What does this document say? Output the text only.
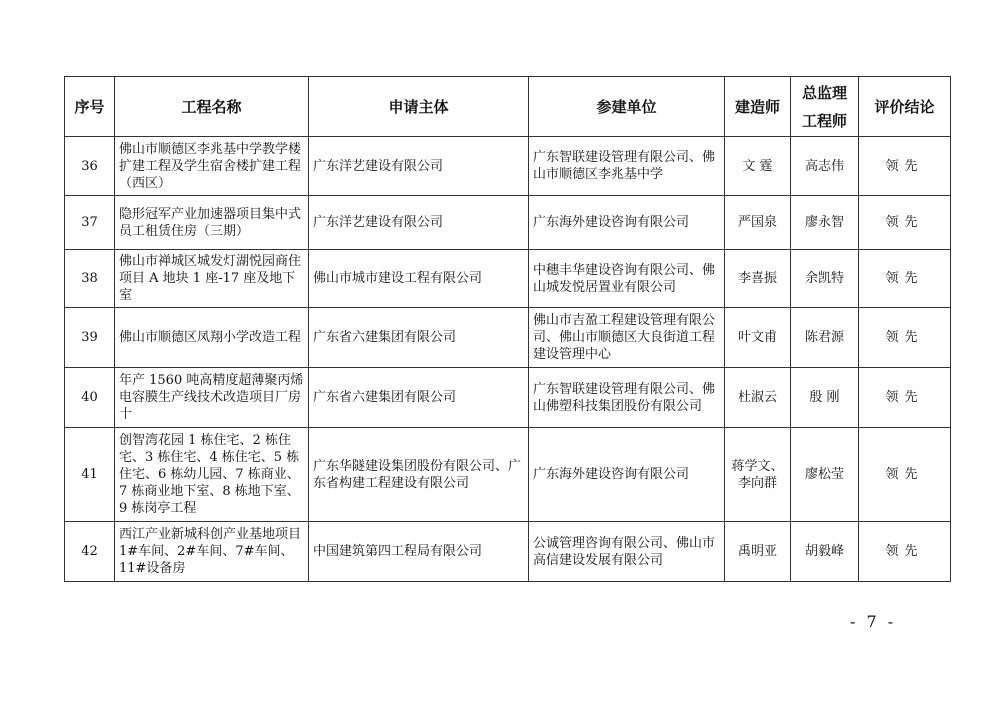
序号	工程名称	申请主体	参建单位	建造师	总监理工程师	评价结论
36	佛山市顺德区李兆基中学教学楼扩建工程及学生宿舍楼扩建工程（西区）	广东洋艺建设有限公司	广东智联建设管理有限公司、佛山市顺德区李兆基中学	文 霆	高志伟	领先
37	隐形冠军产业加速器项目集中式员工租赁住房（三期）	广东洋艺建设有限公司	广东海外建设咨询有限公司	严国泉	廖永智	领先
38	佛山市禅城区城发灯湖悦园商住项目 A 地块 1 座-17 座及地下室	佛山市城市建设工程有限公司	中穗丰华建设咨询有限公司、佛山城发悦居置业有限公司	李喜振	余凯特	领先
39	佛山市顺德区凤翔小学改造工程	广东省六建集团有限公司	佛山市吉盈工程建设管理有限公司、佛山市顺德区大良街道工程建设管理中心	叶文甫	陈君源	领先
40	年产 1560 吨高精度超薄聚丙烯电容膜生产线技术改造项目厂房十	广东省六建集团有限公司	广东智联建设管理有限公司、佛山佛塑科技集团股份有限公司	杜淑云	殷 刚	领先
41	创智湾花园 1 栋住宅、2 栋住宅、3 栋住宅、4 栋住宅、5 栋住宅、6 栋幼儿园、7 栋商业、7 栋商业地下室、8 栋地下室、9 栋岗亭工程	广东华隧建设集团股份有限公司、广东省构建工程建设有限公司	广东海外建设咨询有限公司	蒋学文、李向群	廖松莹	领先
42	西江产业新城科创产业基地项目 1#车间、2#车间、7#车间、11#设备房	中国建筑第四工程局有限公司	公诚管理咨询有限公司、佛山市高信建设发展有限公司	禹明亚	胡毅峰	领先
- 7 -
